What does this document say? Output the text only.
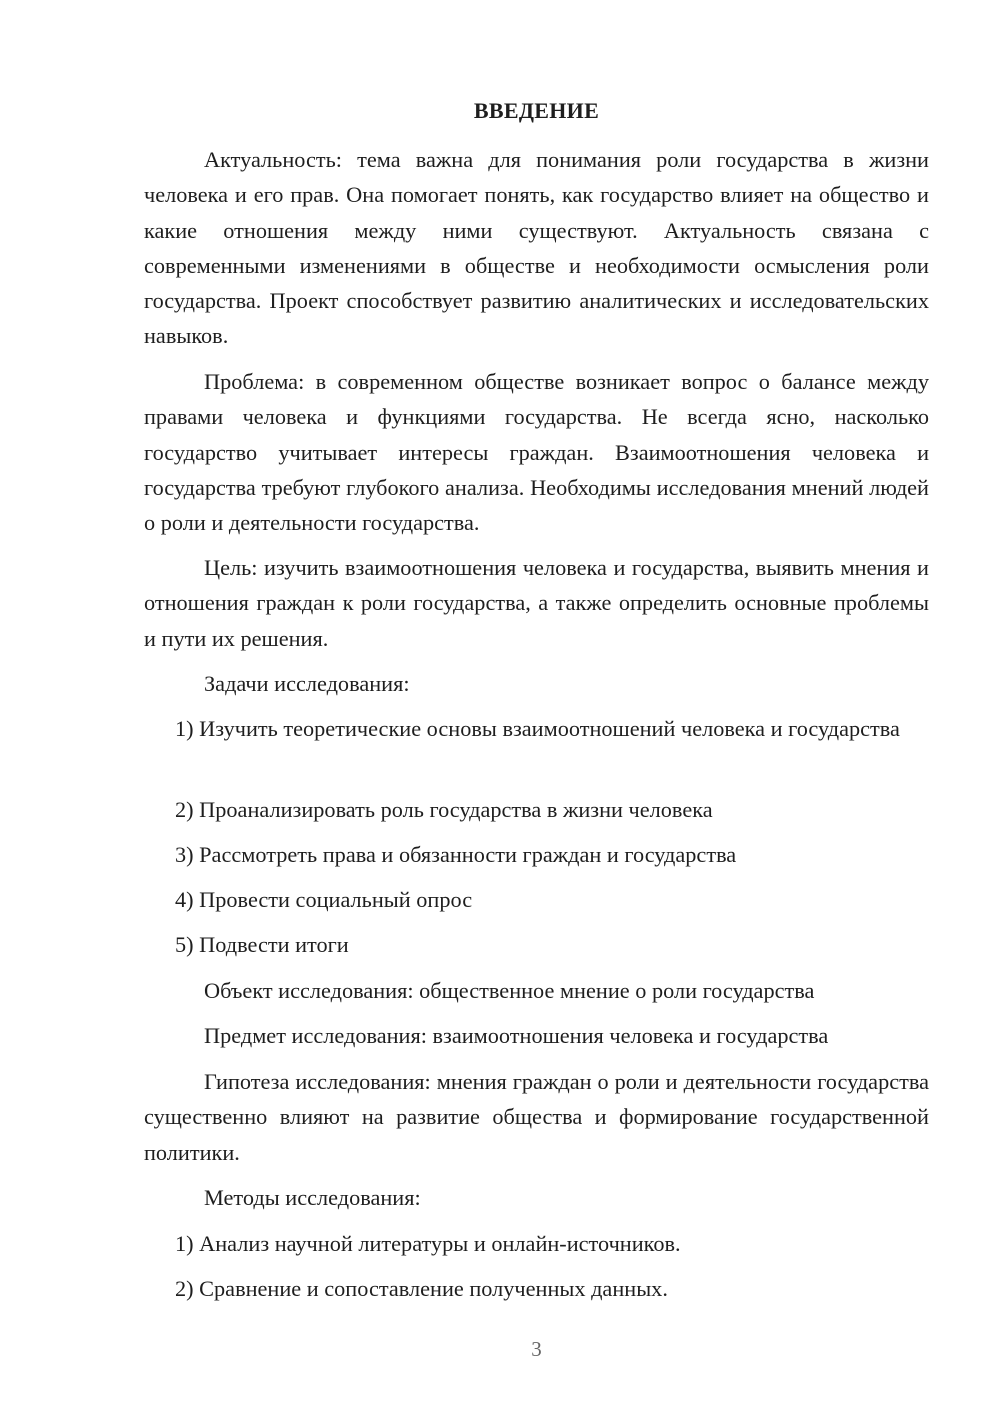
ВВЕДЕНИЕ

Актуальность: тема важна для понимания роли государства в жизни человека и его прав. Она помогает понять, как государство влияет на общество и какие отношения между ними существуют. Актуальность связана с современными изменениями в обществе и необходимости осмысления роли государства. Проект способствует развитию аналитических и исследовательских навыков.

Проблема: в современном обществе возникает вопрос о балансе между правами человека и функциями государства. Не всегда ясно, насколько государство учитывает интересы граждан. Взаимоотношения человека и государства требуют глубокого анализа. Необходимы исследования мнений людей о роли и деятельности государства.

Цель: изучить взаимоотношения человека и государства, выявить мнения и отношения граждан к роли государства, а также определить основные проблемы и пути их решения.

Задачи исследования:

1) Изучить теоретические основы взаимоотношений человека и государства

2) Проанализировать роль государства в жизни человека

3) Рассмотреть права и обязанности граждан и государства

4) Провести социальный опрос

5) Подвести итоги

Объект исследования: общественное мнение о роли государства

Предмет исследования: взаимоотношения человека и государства

Гипотеза исследования: мнения граждан о роли и деятельности государства существенно влияют на развитие общества и формирование государственной политики.

Методы исследования:

1) Анализ научной литературы и онлайн-источников.

2) Сравнение и сопоставление полученных данных.

3
